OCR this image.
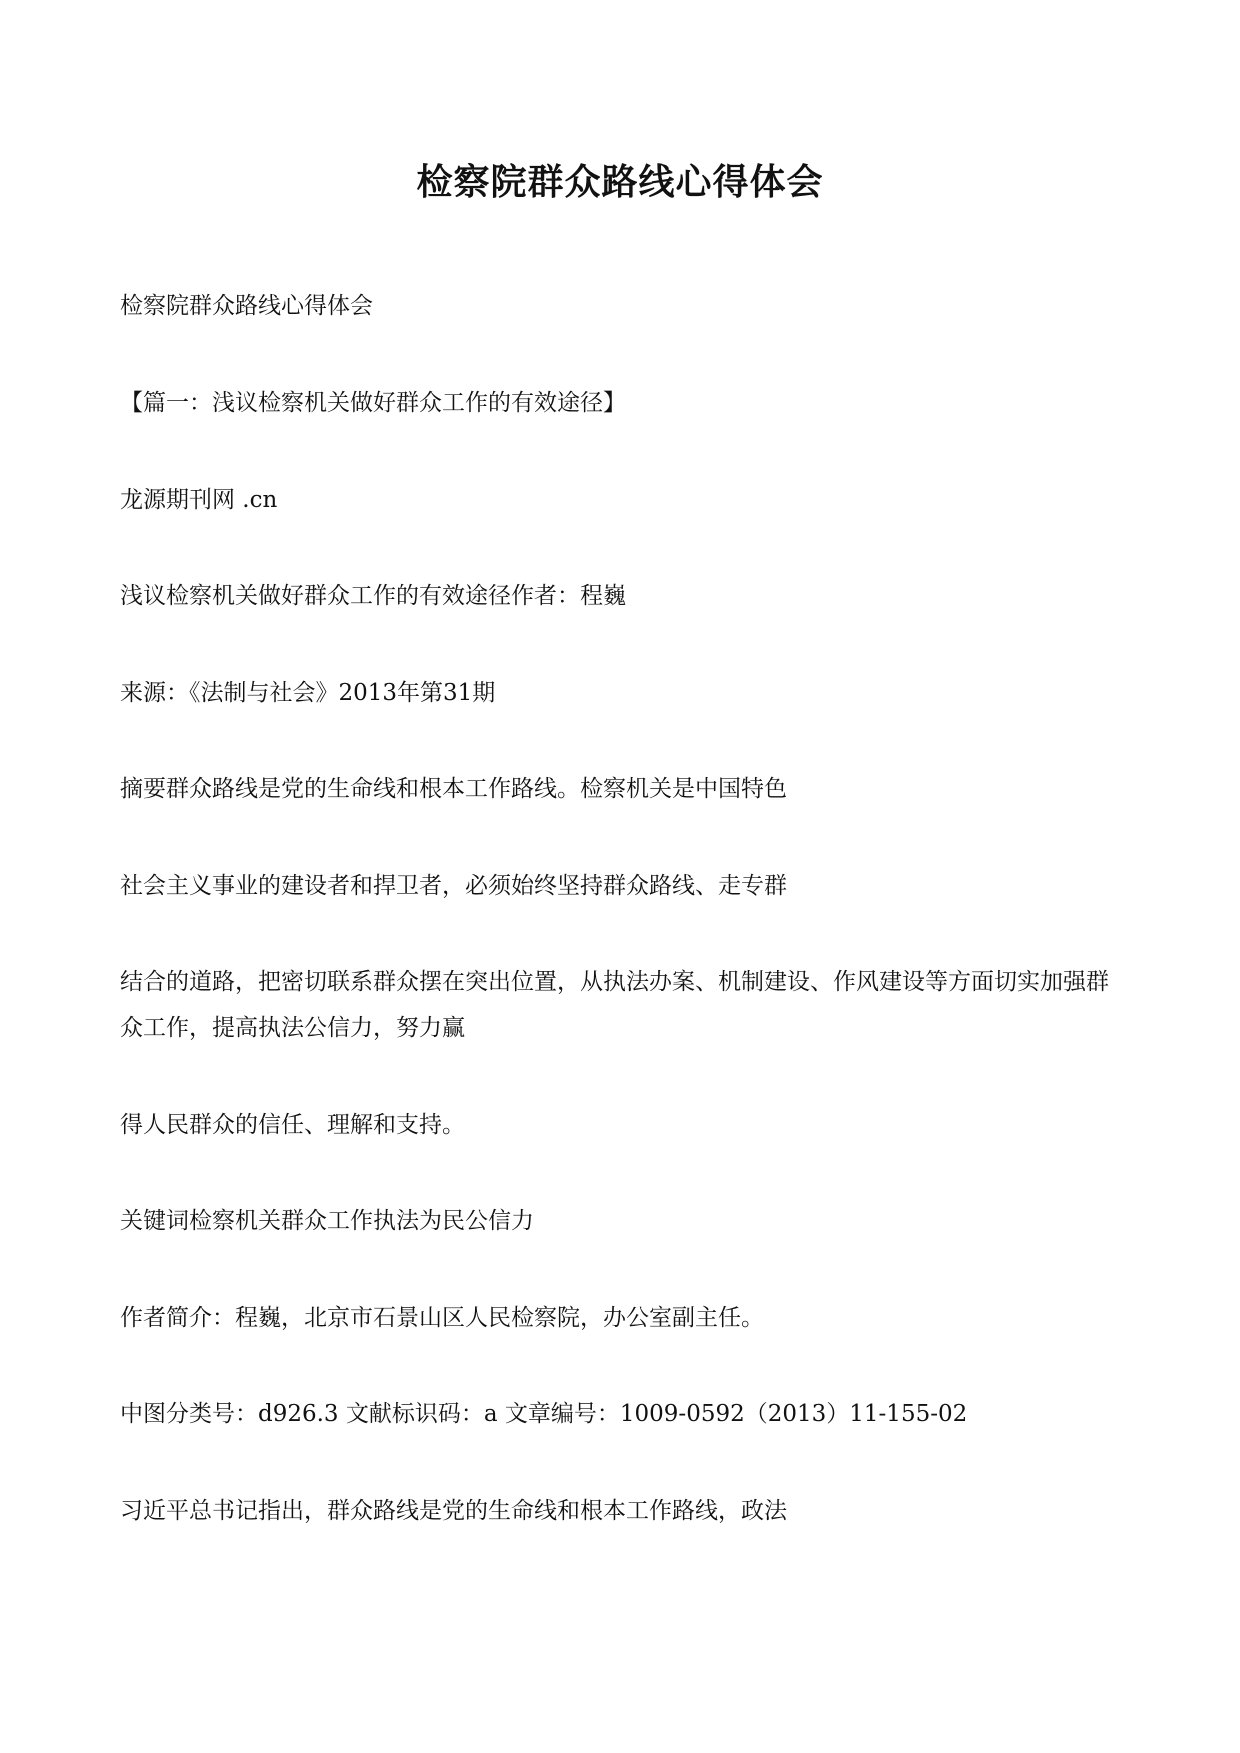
检察院群众路线心得体会
检察院群众路线心得体会
【篇一：浅议检察机关做好群众工作的有效途径】
龙源期刊网 .cn
浅议检察机关做好群众工作的有效途径作者：程巍
来源：《法制与社会》2013年第31期
摘要群众路线是党的生命线和根本工作路线。检察机关是中国特色
社会主义事业的建设者和捍卫者，必须始终坚持群众路线、走专群
结合的道路，把密切联系群众摆在突出位置，从执法办案、机制建设、作风建设等方面切实加强群众工作，提高执法公信力，努力赢
得人民群众的信任、理解和支持。
关键词检察机关群众工作执法为民公信力
作者简介：程巍，北京市石景山区人民检察院，办公室副主任。
中图分类号：d926.3 文献标识码：a 文章编号：1009-0592（2013）11-155-02
习近平总书记指出，群众路线是党的生命线和根本工作路线，政法
